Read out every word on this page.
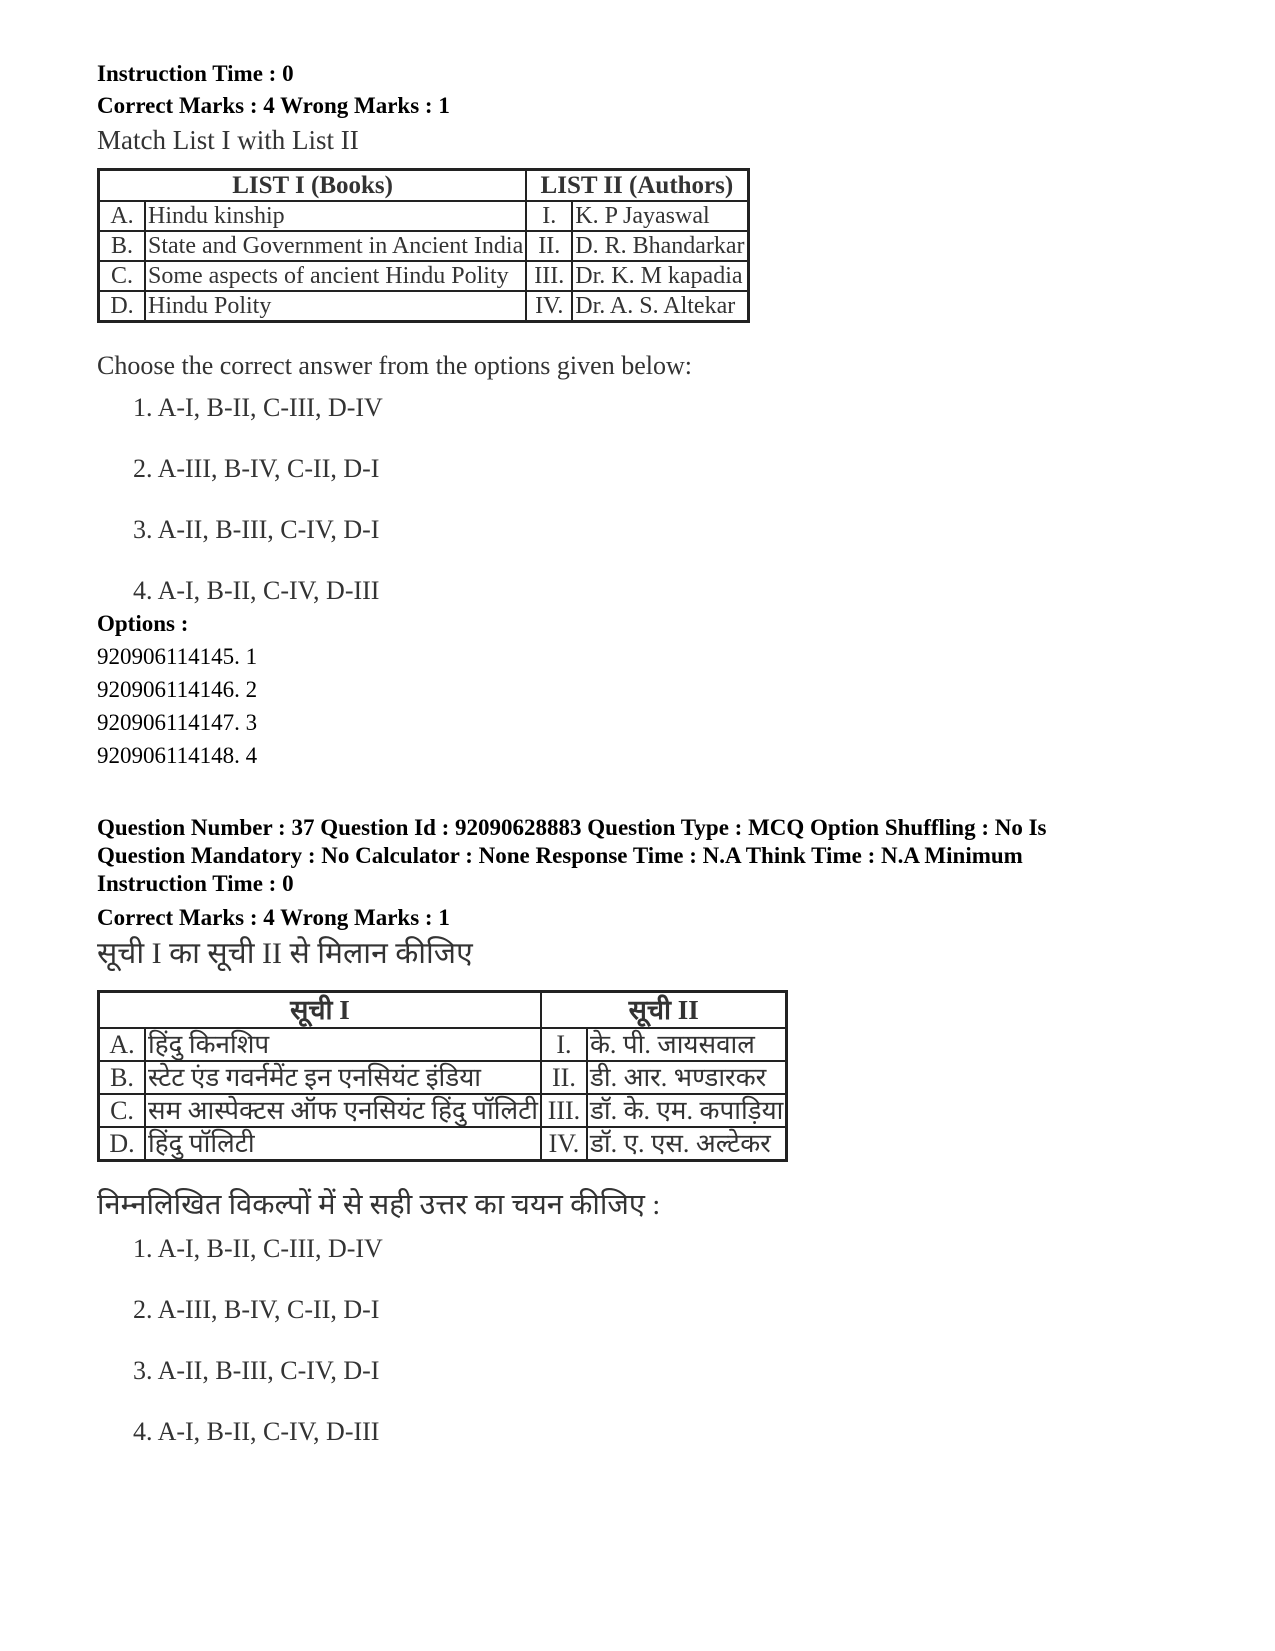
Instruction Time : 0
Correct Marks : 4 Wrong Marks : 1
Match List I with List II
LIST I (Books)		LIST II (Authors)	
A.	Hindu kinship	I.	K. P Jayaswal
B.	State and Government in Ancient India	II.	D. R. Bhandarkar
C.	Some aspects of ancient Hindu Polity	III.	Dr. K. M kapadia
D.	Hindu Polity	IV.	Dr. A. S. Altekar
Choose the correct answer from the options given below:
1. A-I, B-II, C-III, D-IV
2. A-III, B-IV, C-II, D-I
3. A-II, B-III, C-IV, D-I
4. A-I, B-II, C-IV, D-III
Options :
920906114145. 1
920906114146. 2
920906114147. 3
920906114148. 4
Question Number : 37 Question Id : 92090628883 Question Type : MCQ Option Shuffling : No Is
Question Mandatory : No Calculator : None Response Time : N.A Think Time : N.A Minimum
Instruction Time : 0
Correct Marks : 4 Wrong Marks : 1
सूची I का सूची II से मिलान कीजिए
सूची I		सूची II	
A.	हिंदु किनशिप	I.	के. पी. जायसवाल
B.	स्टेट एंड गवर्नमेंट इन एनसियंट इंडिया	II.	डी. आर. भण्डारकर
C.	सम आस्पेक्टस ऑफ एनसियंट हिंदु पॉलिटी	III.	डॉ. के. एम. कपाड़िया
D.	हिंदु पॉलिटी	IV.	डॉ. ए. एस. अल्टेकर
निम्नलिखित विकल्पों में से सही उत्तर का चयन कीजिए :
1. A-I, B-II, C-III, D-IV
2. A-III, B-IV, C-II, D-I
3. A-II, B-III, C-IV, D-I
4. A-I, B-II, C-IV, D-III
